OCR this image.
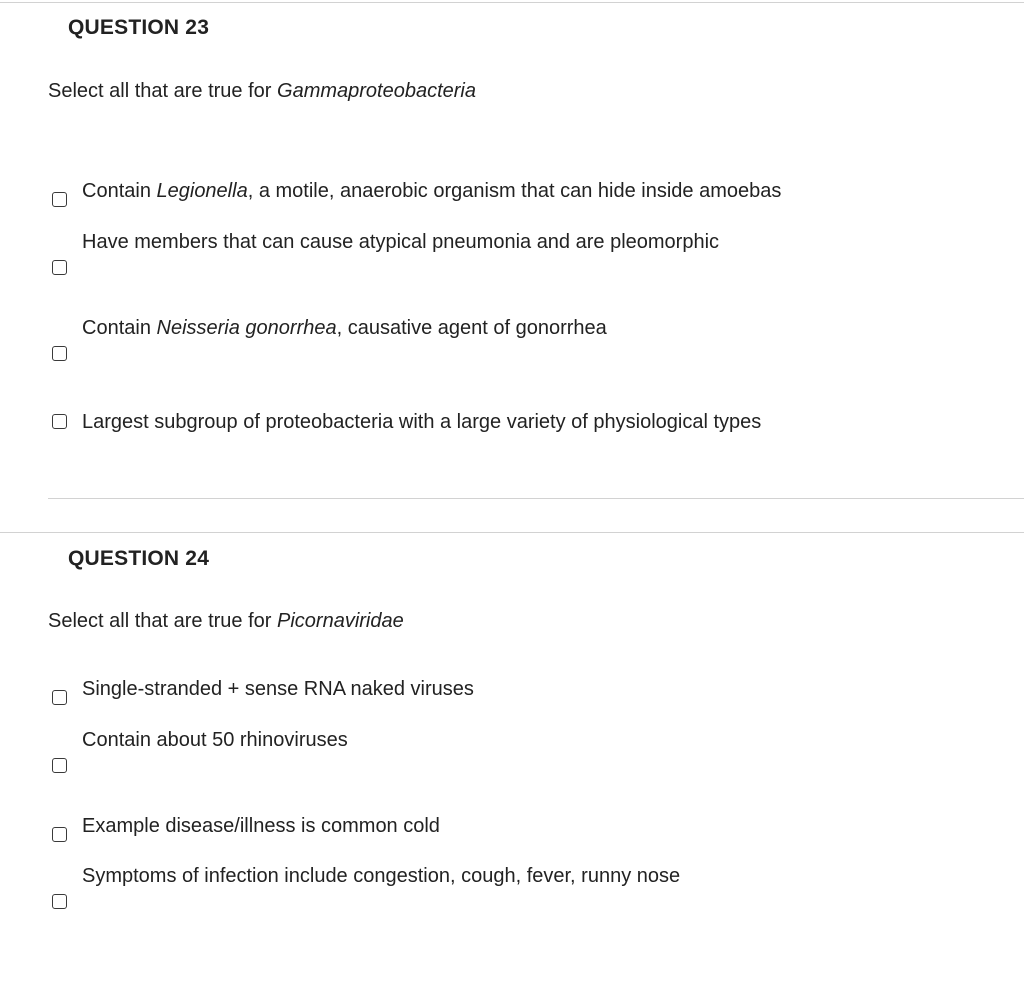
QUESTION 23
Select all that are true for Gammaproteobacteria
Contain Legionella, a motile, anaerobic organism that can hide inside amoebas
Have members that can cause atypical pneumonia and are pleomorphic
Contain Neisseria gonorrhea, causative agent of gonorrhea
Largest subgroup of proteobacteria with a large variety of physiological types
QUESTION 24
Select all that are true for Picornaviridae
Single-stranded + sense RNA naked viruses
Contain about 50 rhinoviruses
Example disease/illness is common cold
Symptoms of infection include congestion, cough, fever, runny nose
